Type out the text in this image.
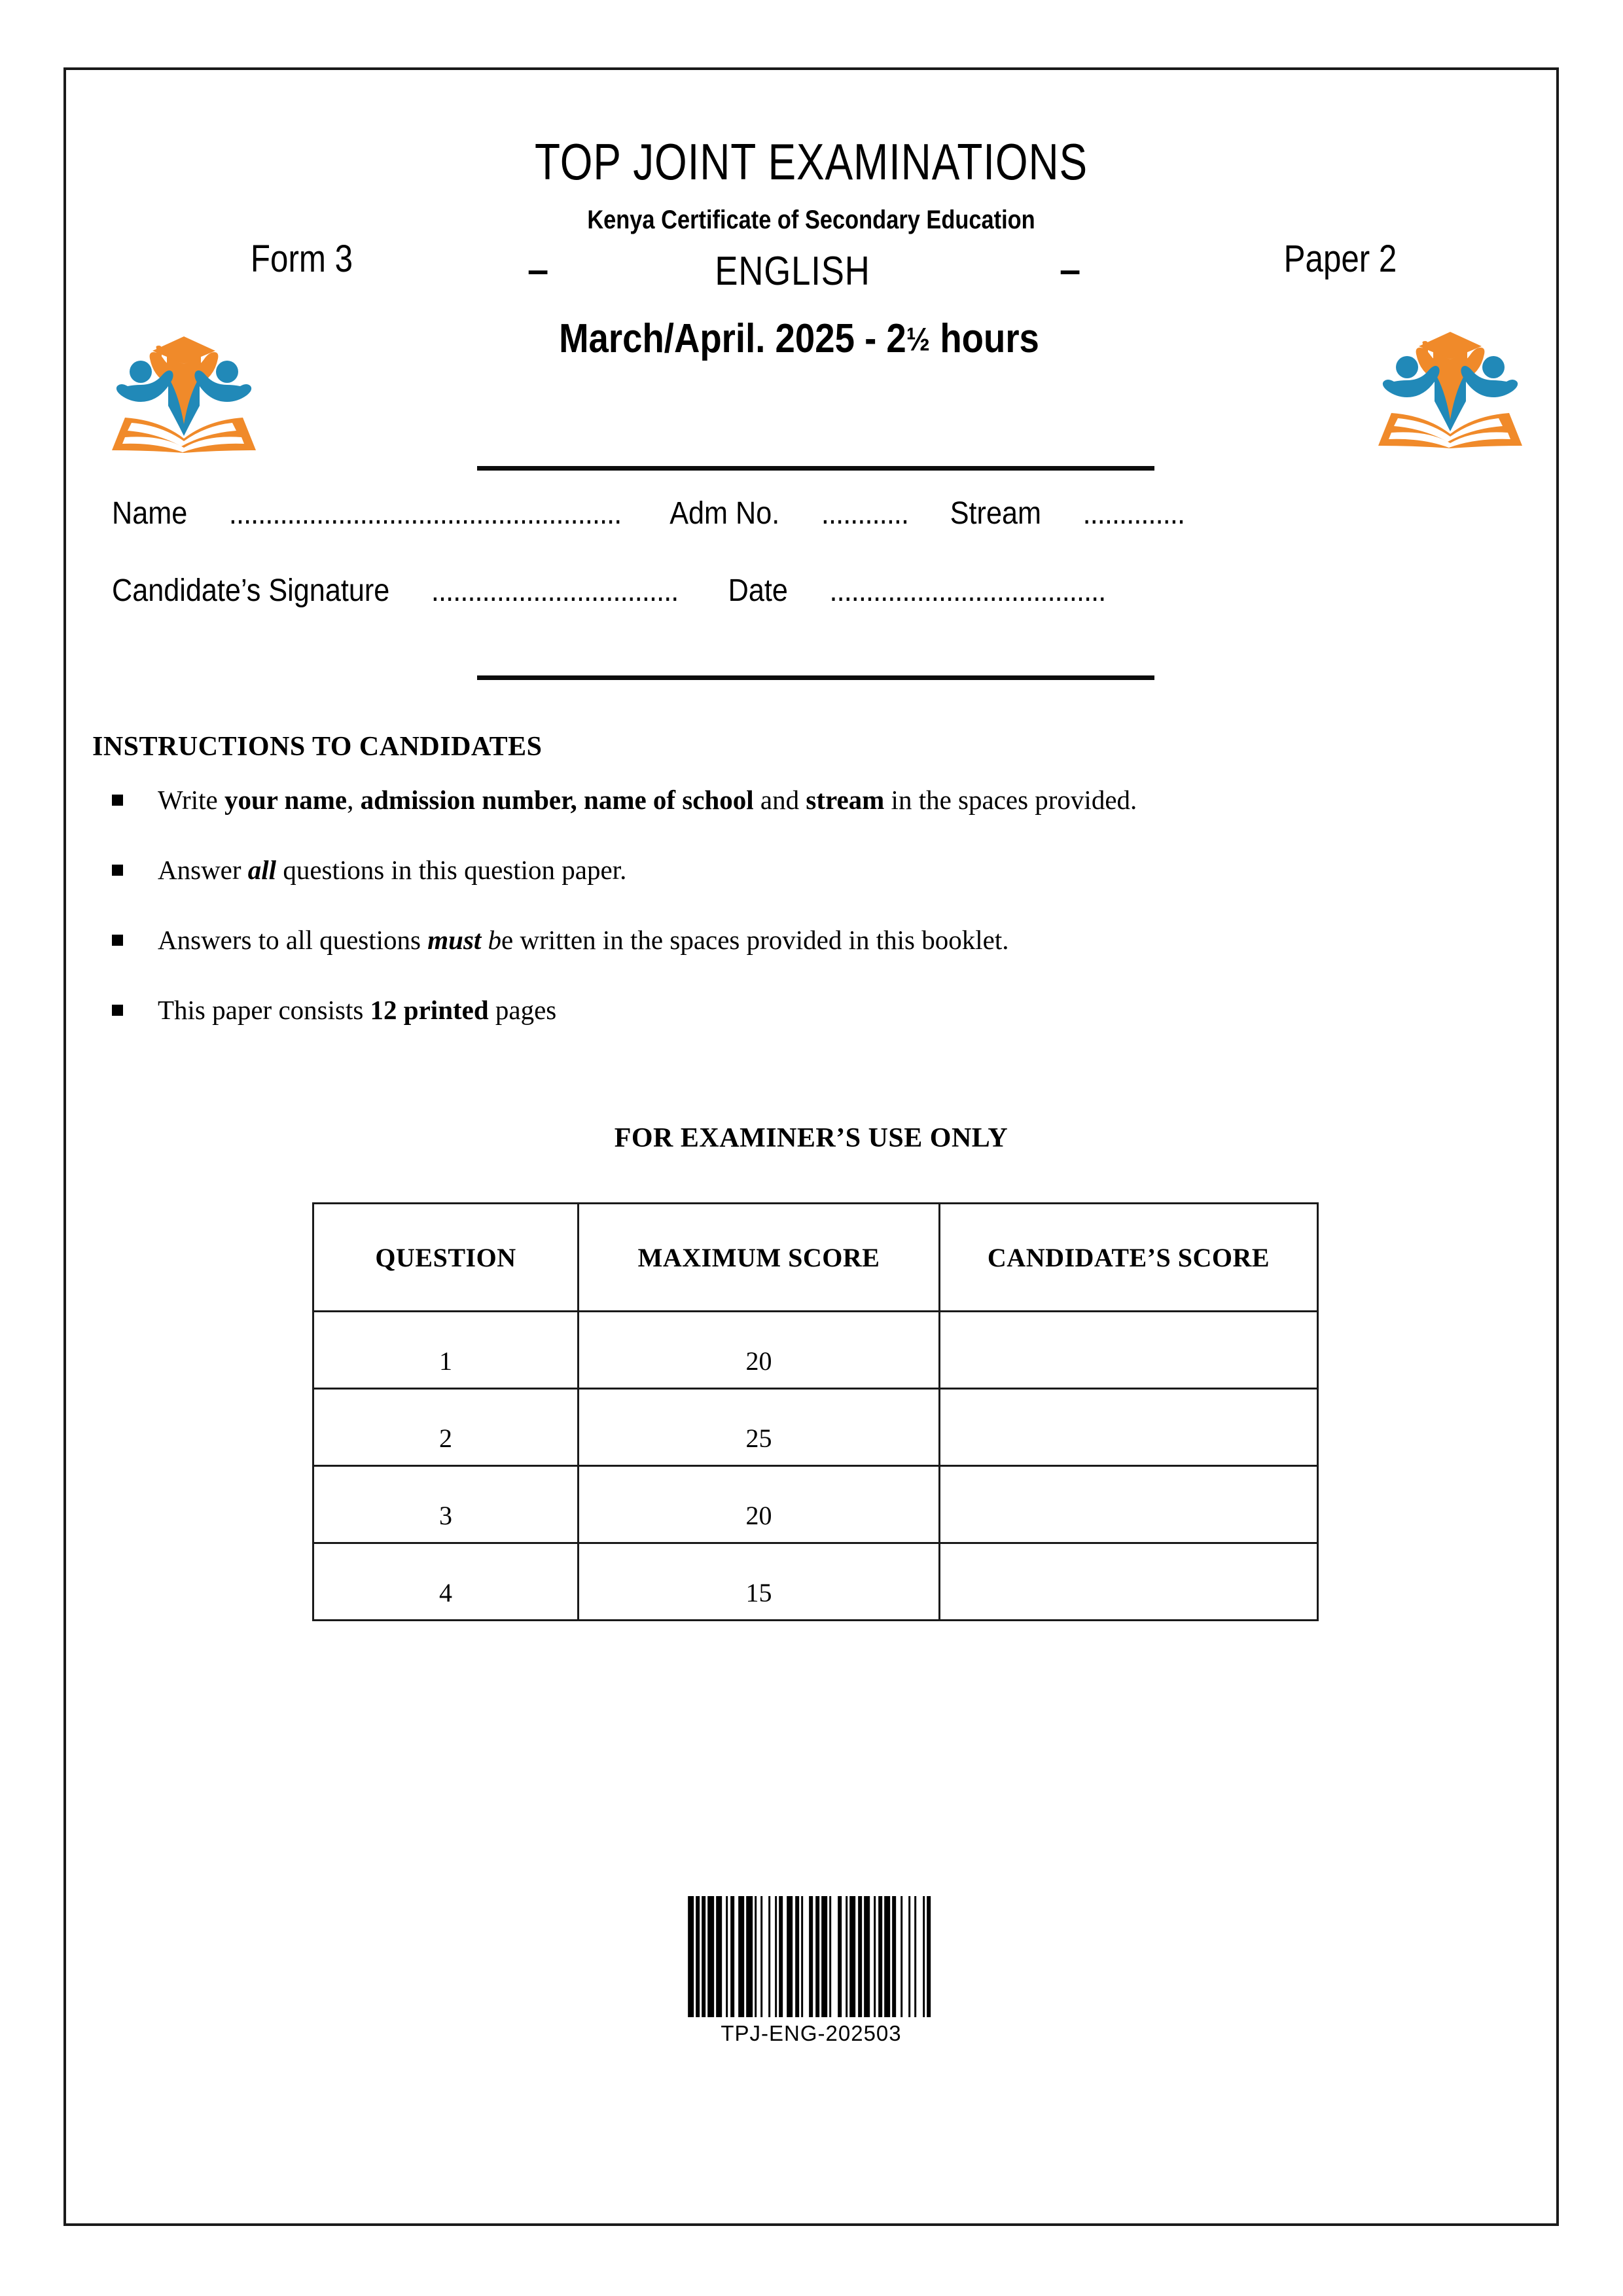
TOP JOINT EXAMINATIONS
Kenya Certificate of Secondary Education
Form 3	–	ENGLISH	–	Paper 2
March/April. 2025 - 2½ hours
Name ...................................................... Adm No. ............ Stream ..............
Candidate’s Signature .................................. Date ......................................
INSTRUCTIONS TO CANDIDATES
Write your name, admission number, name of school and stream in the spaces provided.
Answer all questions in this question paper.
Answers to all questions must be written in the spaces provided in this booklet.
This paper consists 12 printed pages
FOR EXAMINER’S USE ONLY
QUESTION	MAXIMUM SCORE	CANDIDATE’S SCORE
1	20	
2	25	
3	20	
4	15	
TPJ-ENG-202503
